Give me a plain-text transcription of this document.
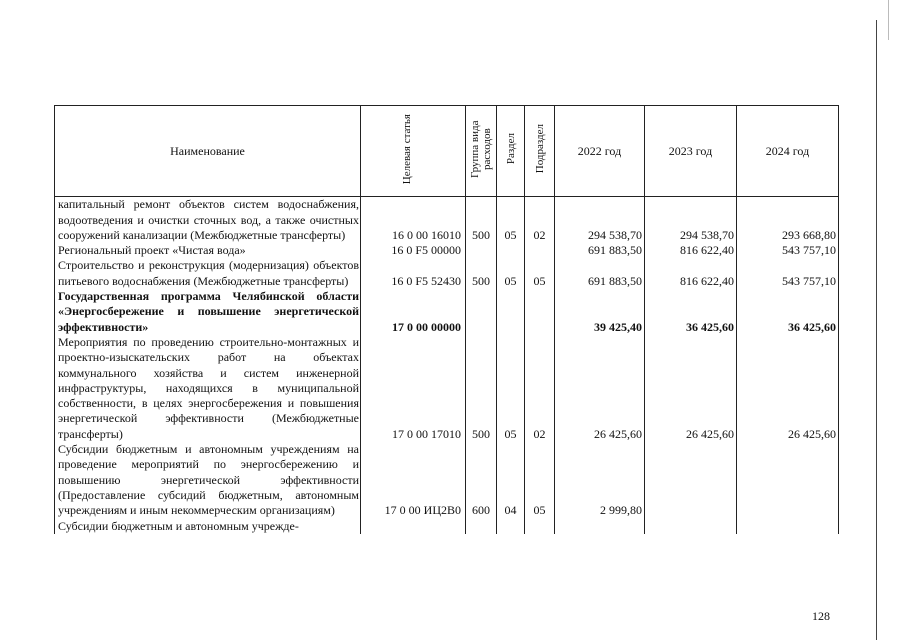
Наименование	Целевая статья	Группа вида расходов	Раздел	Подраздел	2022 год	2023 год	2024 год
капитальный ремонт объектов систем водоснабжения, водоотведения и очистки сточных вод, а также очистных сооружений канализации (Межбюджетные трансферты)	16 0 00 16010	500	05	02	294 538,70	294 538,70	293 668,80
Региональный проект «Чистая вода»	16 0 F5 00000				691 883,50	816 622,40	543 757,10
Строительство и реконструкция (модернизация) объектов питьевого водоснабжения (Межбюджетные трансферты)	16 0 F5 52430	500	05	05	691 883,50	816 622,40	543 757,10
Государственная программа Челябинской области «Энергосбережение и повышение энергетической эффективности»	17 0 00 00000				39 425,40	36 425,60	36 425,60
Мероприятия по проведению строительно-монтажных и проектно-изыскательских работ на объектах коммунального хозяйства и систем инженерной инфраструктуры, находящихся в муниципальной собственности, в целях энергосбережения и повышения энергетической эффективности (Межбюджетные трансферты)	17 0 00 17010	500	05	02	26 425,60	26 425,60	26 425,60
Субсидии бюджетным и автономным учреждениям на проведение мероприятий по энергосбережению и повышению энергетической эффективности (Предоставление субсидий бюджетным, автономным учреждениям и иным некоммерческим организациям)	17 0 00 ИЦ2В0	600	04	05	2 999,80		
Субсидии бюджетным и автономным учрежде-							
128
